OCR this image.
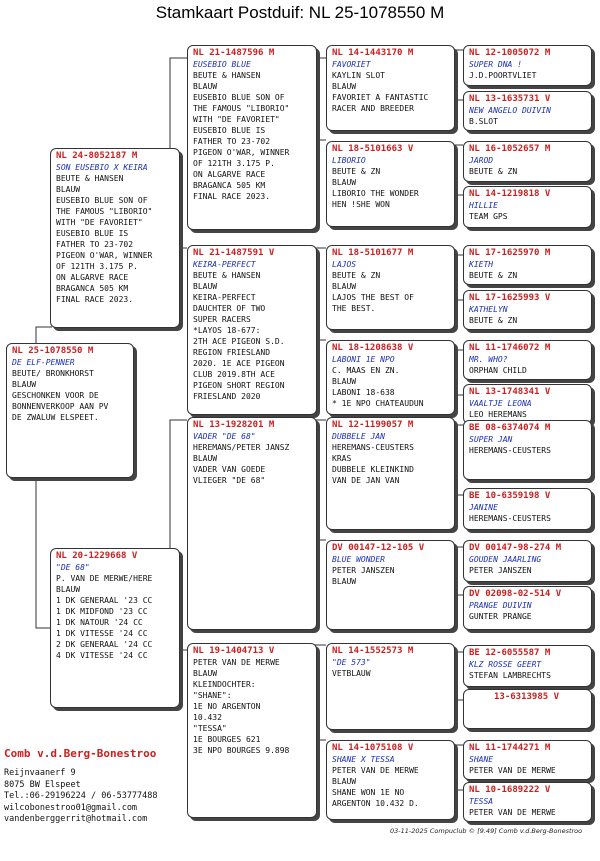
Stamkaart Postduif: NL 25-1078550 M
NL 25-1078550 M
DE ELF-PENNER
BEUTE/ BRONKHORST
BLAUW
GESCHONKEN VOOR DE
BONNENVERKOOP AAN PV
DE ZWALUW ELSPEET.
NL 24-8052187 M
SON EUSEBIO X KEIRA
BEUTE & HANSEN
BLAUW
EUSEBIO BLUE SON OF
THE FAMOUS "LIBORIO"
WITH "DE FAVORIET"
EUSEBIO BLUE IS
FATHER TO 23-702
PIGEON O'WAR, WINNER
OF 121TH 3.175 P.
ON ALGARVE RACE
BRAGANCA 505 KM
FINAL RACE 2023.
NL 20-1229668 V
"DE 68"
P. VAN DE MERWE/HERE
BLAUW
1 DK GENERAAL '23 CC
1 DK MIDFOND '23 CC
1 DK NATOUR '24 CC
1 DK VITESSE '24 CC
2 DK GENERAAL '24 CC
4 DK VITESSE '24 CC
NL 21-1487596 M
EUSEBIO BLUE
BEUTE & HANSEN
BLAUW
EUSEBIO BLUE SON OF
THE FAMOUS "LIBORIO"
WITH "DE FAVORIET"
EUSEBIO BLUE IS
FATHER TO 23-702
PIGEON O'WAR, WINNER
OF 121TH 3.175 P.
ON ALGARVE RACE
BRAGANCA 505 KM
FINAL RACE 2023.
NL 21-1487591 V
KEIRA-PERFECT
BEUTE & HANSEN
BLAUW
KEIRA-PERFECT
DAUCHTER OF TWO
SUPER RACERS
*LAYOS 18-677:
2TH ACE PIGEON S.D.
REGION FRIESLAND
2020. 1E ACE PIGEON
CLUB 2019.8TH ACE
PIGEON SHORT REGION
FRIESLAND 2020
NL 13-1928201 M
VADER "DE 68"
HEREMANS/PETER JANSZ
BLAUW
VADER VAN GOEDE
VLIEGER "DE 68"
NL 19-1404713 V
PETER VAN DE MERWE
BLAUW
KLEINDOCHTER:
"SHANE":
1E NO ARGENTON
10.432
"TESSA"
1E BOURGES 621
3E NPO BOURGES 9.898
NL 14-1443170 M
FAVORIET
KAYLIN SLOT
BLAUW
FAVORIET A FANTASTIC
RACER AND BREEDER
NL 18-5101663 V
LIBORIO
BEUTE & ZN
BLAUW
LIBORIO THE WONDER
HEN !SHE WON
NL 18-5101677 M
LAJOS
BEUTE & ZN
BLAUW
LAJOS THE BEST OF
THE BEST.
NL 18-1208638 V
LABONI 1E NPO
C. MAAS EN ZN.
BLAUW
LABONI 18-638
* 1E NPO CHATEAUDUN
NL 12-1199057 M
DUBBELE JAN
HEREMANS-CEUSTERS
KRAS
DUBBELE KLEINKIND
VAN DE JAN VAN
DV 00147-12-105 V
BLUE WONDER
PETER JANSZEN
BLAUW
NL 14-1552573 M
"DE 573"
VETBLAUW
NL 14-1075108 V
SHANE X TESSA
PETER VAN DE MERWE
BLAUW
SHANE WON 1E NO
ARGENTON 10.432 D.
NL 12-1005072 M
SUPER DNA !
J.D.POORTVLIET
NL 13-1635731 V
NEW ANGELO DUIVIN
B.SLOT
NL 16-1052657 M
JAROD
BEUTE & ZN
NL 14-1219818 V
HILLIE
TEAM GPS
NL 17-1625970 M
KIETH
BEUTE & ZN
NL 17-1625993 V
KATHELYN
BEUTE & ZN
NL 11-1746072 M
MR. WHO?
ORPHAN CHILD
NL 13-1748341 V
VAALTJE LEONA
LEO HEREMANS
BE 08-6374074 M
SUPER JAN
HEREMANS-CEUSTERS
BE 10-6359198 V
JANINE
HEREMANS-CEUSTERS
DV 00147-98-274 M
GOUDEN JAARLING
PETER JANSZEN
DV 02098-02-514 V
PRANGE DUIVIN
GUNTER PRANGE
BE 12-6055587 M
KLZ ROSSE GEERT
STEFAN LAMBRECHTS
13-6313985 V
NL 11-1744271 M
SHANE
PETER VAN DE MERWE
NL 10-1689222 V
TESSA
PETER VAN DE MERWE
Comb v.d.Berg-Bonestroo
Reijnvaanerf 9
8075 BW Elspeet
Tel.:06-29196224 / 06-53777488
wilcobonestroo01@gmail.com
vandenberggerrit@hotmail.com
03-11-2025 Compuclub © [9.49] Comb v.d.Berg-Bonestroo
